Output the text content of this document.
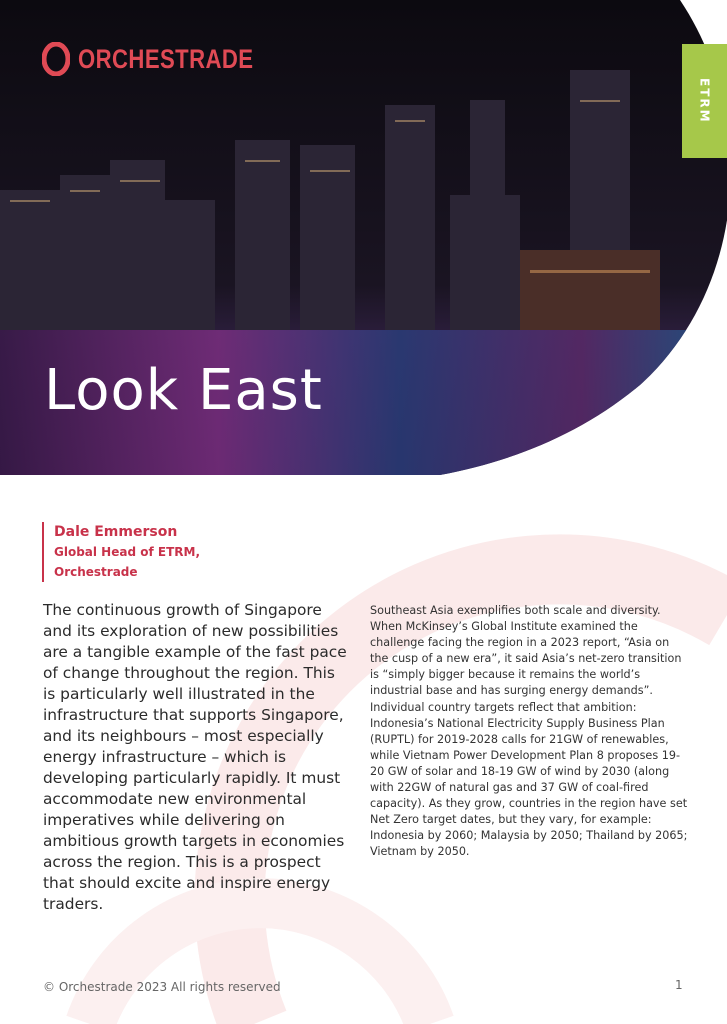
ORCHESTRADE
ETRM
Look East
Dale Emmerson
Global Head of ETRM,
Orchestrade

The continuous growth of Singapore and its exploration of new possibilities are a tangible example of the fast pace of change throughout the region. This is particularly well illustrated in the infrastructure that supports Singapore, and its neighbours – most especially energy infrastructure – which is developing particularly rapidly. It must accommodate new environmental imperatives while delivering on ambitious growth targets in economies across the region. This is a prospect that should excite and inspire energy traders.

Southeast Asia exemplifies both scale and diversity. When McKinsey’s Global Institute examined the challenge facing the region in a 2023 report, “Asia on the cusp of a new era”, it said Asia’s net-zero transition is “simply bigger because it remains the world’s industrial base and has surging energy demands”. Individual country targets reflect that ambition: Indonesia’s National Electricity Supply Business Plan (RUPTL) for 2019-2028 calls for 21GW of renewables, while Vietnam Power Development Plan 8 proposes 19-20 GW of solar and 18-19 GW of wind by 2030 (along with 22GW of natural gas and 37 GW of coal-fired capacity). As they grow, countries in the region have set Net Zero target dates, but they vary, for example: Indonesia by 2060; Malaysia by 2050; Thailand by 2065; Vietnam by 2050.

© Orchestrade 2023 All rights reserved	1
